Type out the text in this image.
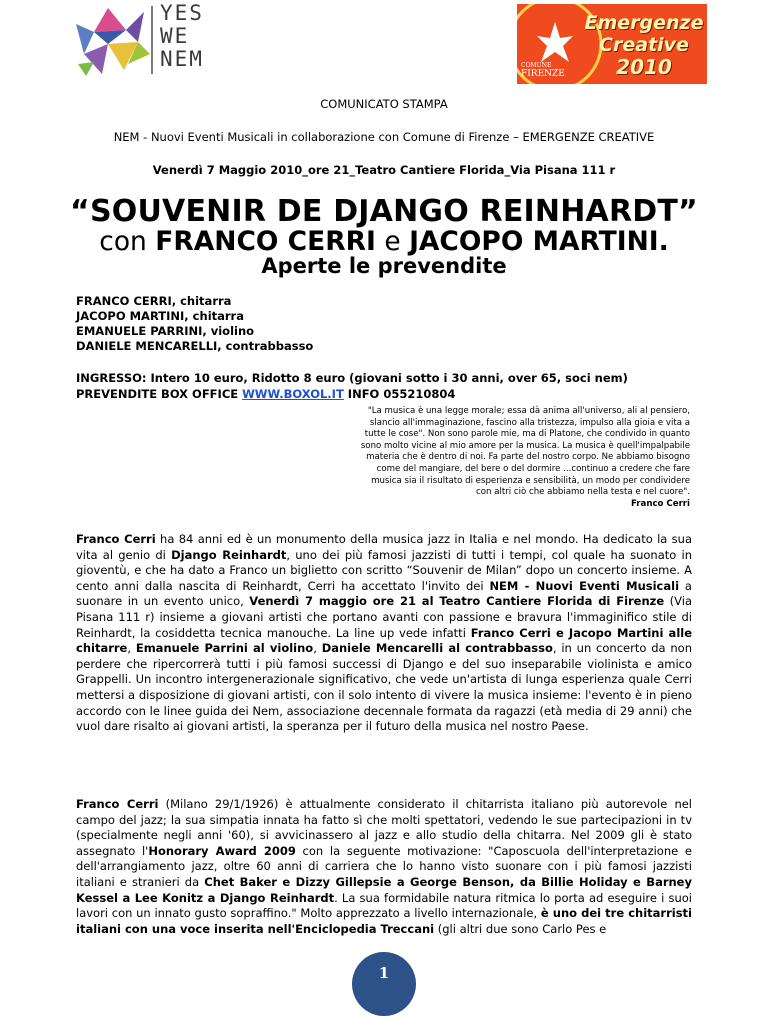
YES
WE
NEM
Emergenze
Creative
2010
COMUNE
FIRENZE
COMUNICATO STAMPA
NEM - Nuovi Eventi Musicali in collaborazione con Comune di Firenze – EMERGENZE CREATIVE
Venerdì 7 Maggio 2010_ore 21_Teatro Cantiere Florida_Via Pisana 111 r
“SOUVENIR DE DJANGO REINHARDT”
con FRANCO CERRI e JACOPO MARTINI.
Aperte le prevendite
FRANCO CERRI, chitarra
JACOPO MARTINI, chitarra
EMANUELE PARRINI, violino
DANIELE MENCARELLI, contrabbasso
INGRESSO: Intero 10 euro, Ridotto 8 euro (giovani sotto i 30 anni, over 65, soci nem) PREVENDITE BOX OFFICE WWW.BOXOL.IT INFO 055210804
"La musica è una legge morale; essa dà anima all'universo, ali al pensiero,
slancio all'immaginazione, fascino alla tristezza, impulso alla gioia e vita a
tutte le cose". Non sono parole mie, ma di Platone, che condivido in quanto
sono molto vicine al mio amore per la musica. La musica è quell'impalpabile
materia che è dentro di noi. Fa parte del nostro corpo. Ne abbiamo bisogno
come del mangiare, del bere o del dormire ...continuo a credere che fare
musica sia il risultato di esperienza e sensibilità, un modo per condividere
con altri ciò che abbiamo nella testa e nel cuore".
Franco Cerri
Franco Cerri ha 84 anni ed è un monumento della musica jazz in Italia e nel mondo. Ha dedicato la sua vita al genio di Django Reinhardt, uno dei più famosi jazzisti di tutti i tempi, col quale ha suonato in gioventù, e che ha dato a Franco un biglietto con scritto “Souvenir de Milan” dopo un concerto insieme. A cento anni dalla nascita di Reinhardt, Cerri ha accettato l'invito dei NEM - Nuovi Eventi Musicali a suonare in un evento unico, Venerdì 7 maggio ore 21 al Teatro Cantiere Florida di Firenze (Via Pisana 111 r) insieme a giovani artisti che portano avanti con passione e bravura l'immaginifico stile di Reinhardt, la cosiddetta tecnica manouche. La line up vede infatti Franco Cerri e Jacopo Martini alle chitarre, Emanuele Parrini al violino, Daniele Mencarelli al contrabbasso, in un concerto da non perdere che ripercorrerà tutti i più famosi successi di Django e del suo inseparabile violinista e amico Grappelli. Un incontro intergenerazionale significativo, che vede un'artista di lunga esperienza quale Cerri mettersi a disposizione di giovani artisti, con il solo intento di vivere la musica insieme: l'evento è in pieno accordo con le linee guida dei Nem, associazione decennale formata da ragazzi (età media di 29 anni) che vuol dare risalto ai giovani artisti, la speranza per il futuro della musica nel nostro Paese.
Franco Cerri (Milano 29/1/1926) è attualmente considerato il chitarrista italiano più autorevole nel campo del jazz; la sua simpatia innata ha fatto sì che molti spettatori, vedendo le sue partecipazioni in tv (specialmente negli anni '60), si avvicinassero al jazz e allo studio della chitarra. Nel 2009 gli è stato assegnato l'Honorary Award 2009 con la seguente motivazione: "Caposcuola dell'interpretazione e dell'arrangiamento jazz, oltre 60 anni di carriera che lo hanno visto suonare con i più famosi jazzisti italiani e stranieri da Chet Baker e Dizzy Gillepsie a George Benson, da Billie Holiday e Barney Kessel a Lee Konitz a Django Reinhardt. La sua formidabile natura ritmica lo porta ad eseguire i suoi lavori con un innato gusto sopraffino." Molto apprezzato a livello internazionale, è uno dei tre chitarristi italiani con una voce inserita nell'Enciclopedia Treccani (gli altri due sono Carlo Pes e
1
